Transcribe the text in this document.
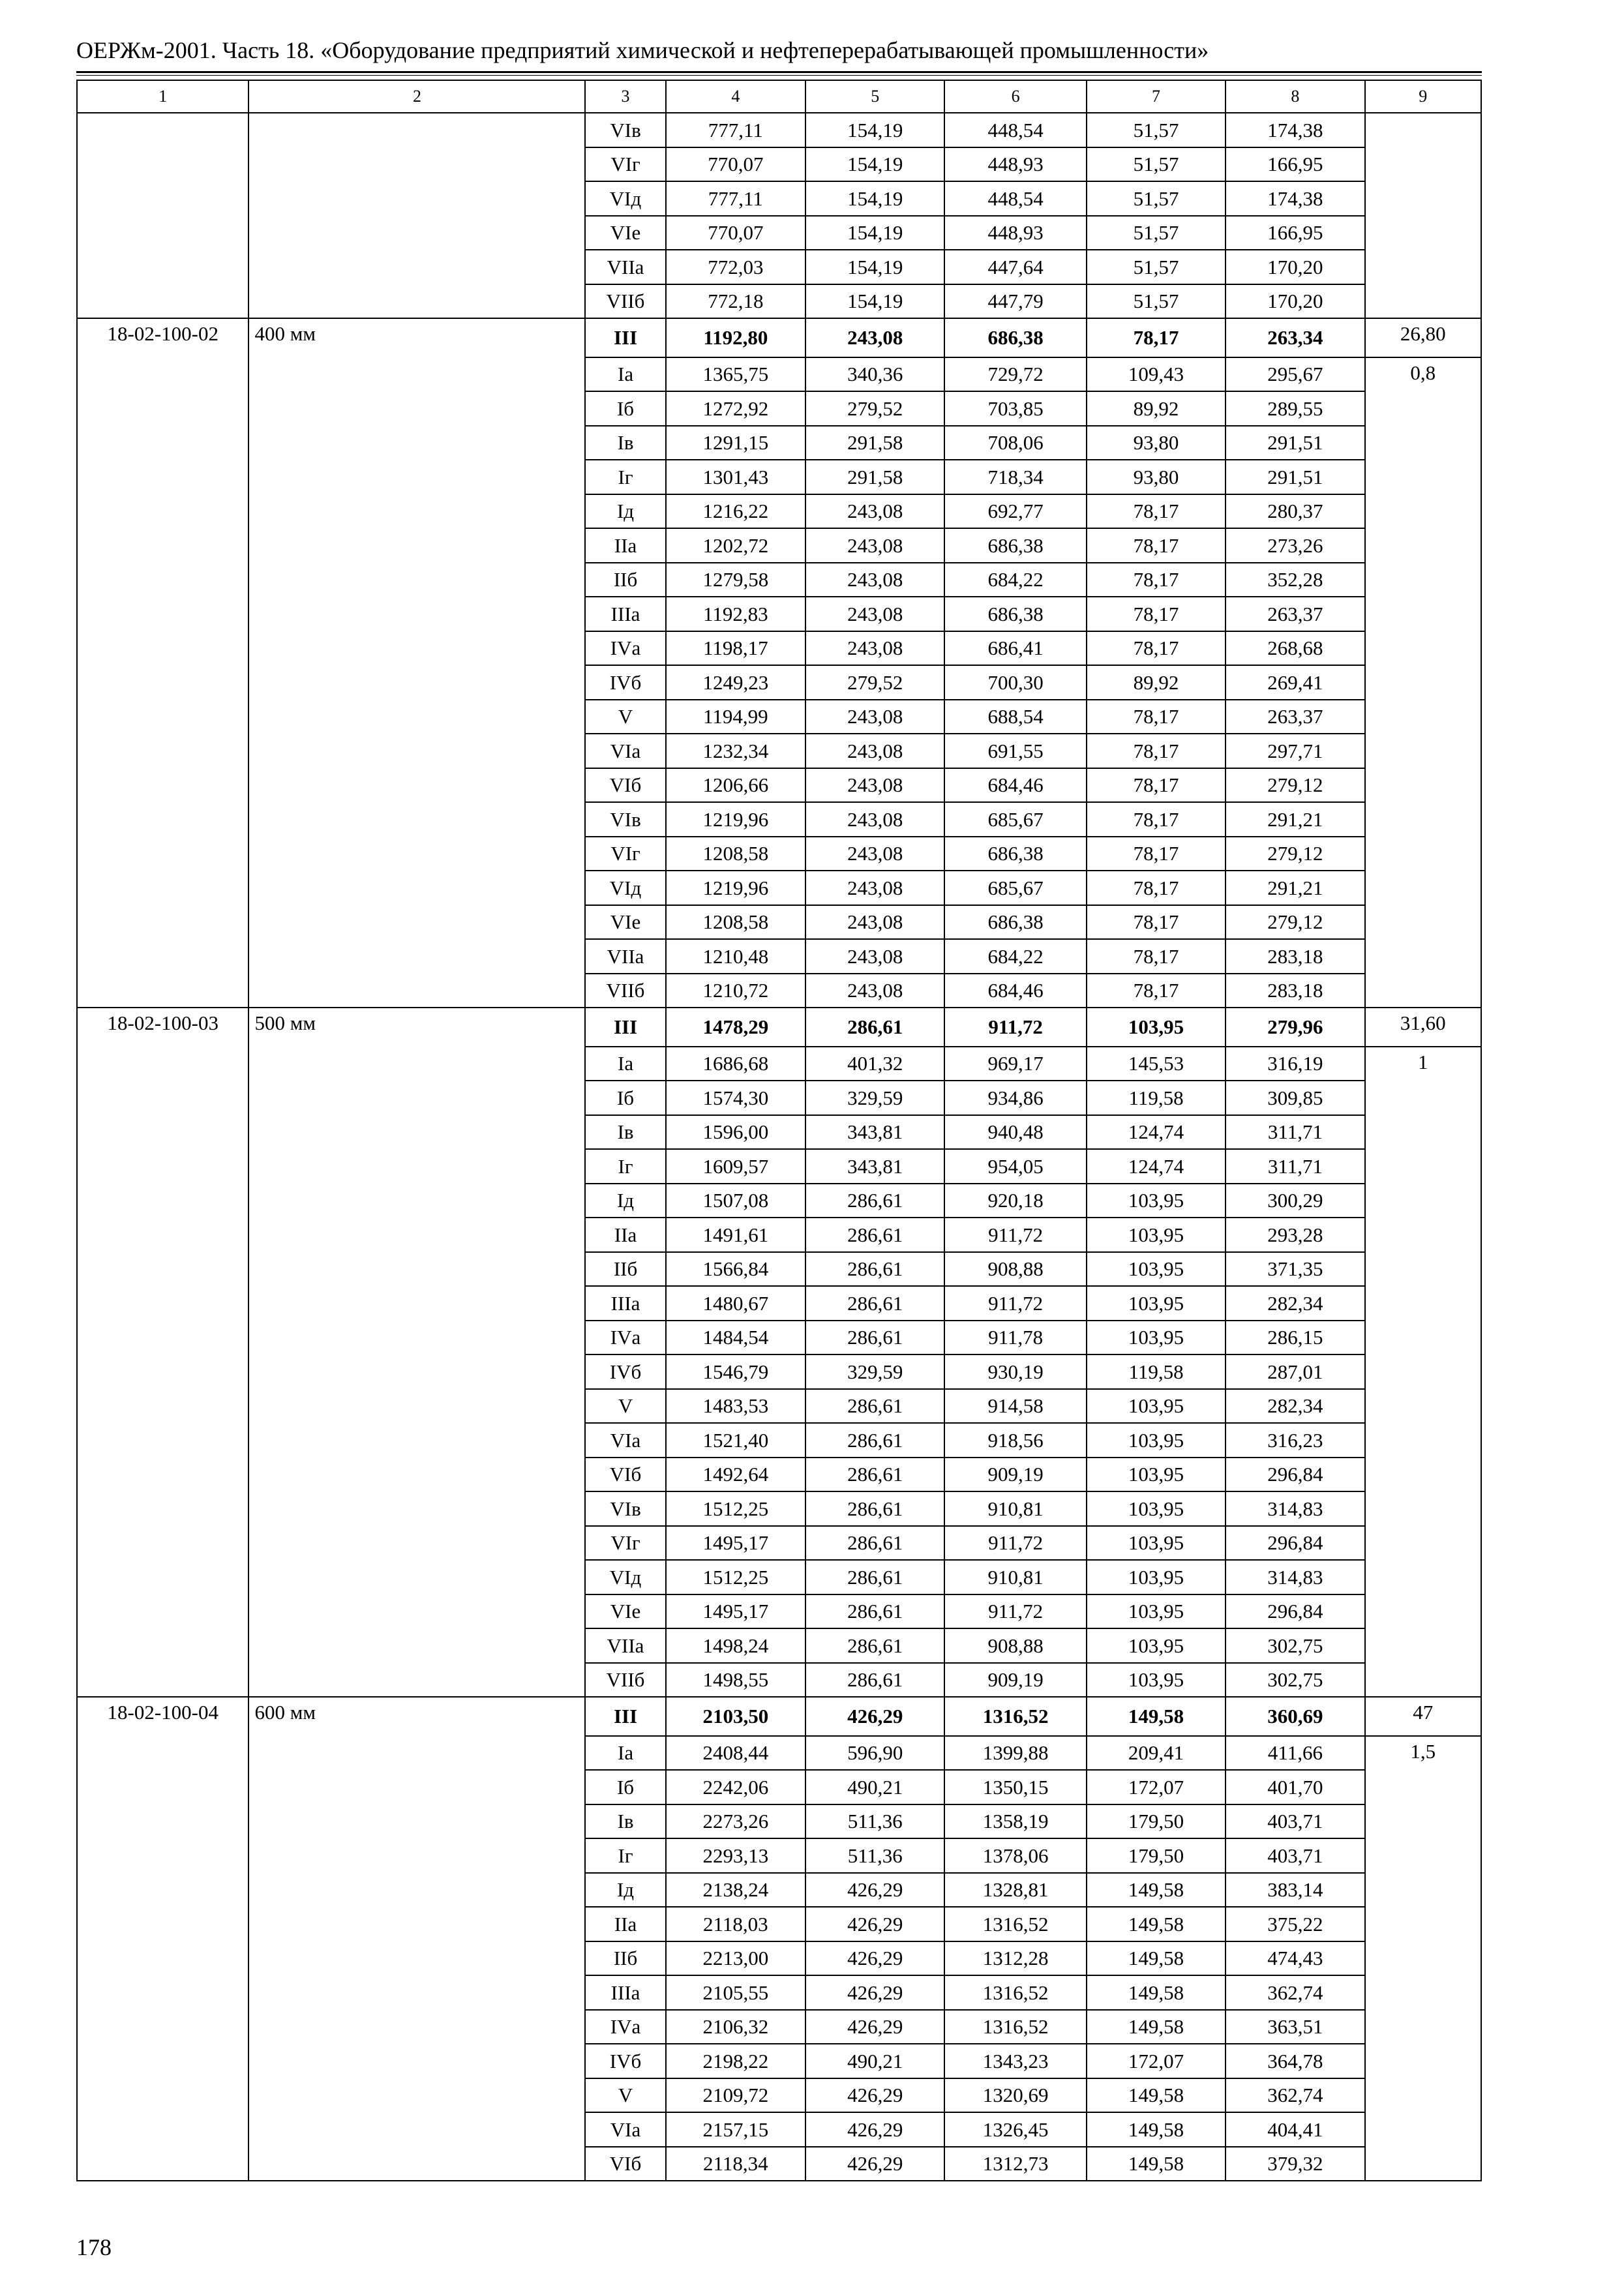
ОЕРЖм-2001. Часть 18. «Оборудование предприятий химической и нефтеперерабатывающей промышленности»
1	2	3	4	5	6	7	8	9
		VIв	777,11	154,19	448,54	51,57	174,38	
		VIг	770,07	154,19	448,93	51,57	166,95	
		VIд	777,11	154,19	448,54	51,57	174,38	
		VIе	770,07	154,19	448,93	51,57	166,95	
		VIIа	772,03	154,19	447,64	51,57	170,20	
		VIIб	772,18	154,19	447,79	51,57	170,20	
18-02-100-02	400 мм	III	1192,80	243,08	686,38	78,17	263,34	26,80
		Iа	1365,75	340,36	729,72	109,43	295,67	0,8
		Iб	1272,92	279,52	703,85	89,92	289,55	
		Iв	1291,15	291,58	708,06	93,80	291,51	
		Iг	1301,43	291,58	718,34	93,80	291,51	
		Iд	1216,22	243,08	692,77	78,17	280,37	
		IIа	1202,72	243,08	686,38	78,17	273,26	
		IIб	1279,58	243,08	684,22	78,17	352,28	
		IIIа	1192,83	243,08	686,38	78,17	263,37	
		IVа	1198,17	243,08	686,41	78,17	268,68	
		IVб	1249,23	279,52	700,30	89,92	269,41	
		V	1194,99	243,08	688,54	78,17	263,37	
		VIа	1232,34	243,08	691,55	78,17	297,71	
		VIб	1206,66	243,08	684,46	78,17	279,12	
		VIв	1219,96	243,08	685,67	78,17	291,21	
		VIг	1208,58	243,08	686,38	78,17	279,12	
		VIд	1219,96	243,08	685,67	78,17	291,21	
		VIе	1208,58	243,08	686,38	78,17	279,12	
		VIIа	1210,48	243,08	684,22	78,17	283,18	
		VIIб	1210,72	243,08	684,46	78,17	283,18	
18-02-100-03	500 мм	III	1478,29	286,61	911,72	103,95	279,96	31,60
		Iа	1686,68	401,32	969,17	145,53	316,19	1
		Iб	1574,30	329,59	934,86	119,58	309,85	
		Iв	1596,00	343,81	940,48	124,74	311,71	
		Iг	1609,57	343,81	954,05	124,74	311,71	
		Iд	1507,08	286,61	920,18	103,95	300,29	
		IIа	1491,61	286,61	911,72	103,95	293,28	
		IIб	1566,84	286,61	908,88	103,95	371,35	
		IIIа	1480,67	286,61	911,72	103,95	282,34	
		IVа	1484,54	286,61	911,78	103,95	286,15	
		IVб	1546,79	329,59	930,19	119,58	287,01	
		V	1483,53	286,61	914,58	103,95	282,34	
		VIа	1521,40	286,61	918,56	103,95	316,23	
		VIб	1492,64	286,61	909,19	103,95	296,84	
		VIв	1512,25	286,61	910,81	103,95	314,83	
		VIг	1495,17	286,61	911,72	103,95	296,84	
		VIд	1512,25	286,61	910,81	103,95	314,83	
		VIе	1495,17	286,61	911,72	103,95	296,84	
		VIIа	1498,24	286,61	908,88	103,95	302,75	
		VIIб	1498,55	286,61	909,19	103,95	302,75	
18-02-100-04	600 мм	III	2103,50	426,29	1316,52	149,58	360,69	47
		Iа	2408,44	596,90	1399,88	209,41	411,66	1,5
		Iб	2242,06	490,21	1350,15	172,07	401,70	
		Iв	2273,26	511,36	1358,19	179,50	403,71	
		Iг	2293,13	511,36	1378,06	179,50	403,71	
		Iд	2138,24	426,29	1328,81	149,58	383,14	
		IIа	2118,03	426,29	1316,52	149,58	375,22	
		IIб	2213,00	426,29	1312,28	149,58	474,43	
		IIIа	2105,55	426,29	1316,52	149,58	362,74	
		IVа	2106,32	426,29	1316,52	149,58	363,51	
		IVб	2198,22	490,21	1343,23	172,07	364,78	
		V	2109,72	426,29	1320,69	149,58	362,74	
		VIа	2157,15	426,29	1326,45	149,58	404,41	
		VIб	2118,34	426,29	1312,73	149,58	379,32	
178
